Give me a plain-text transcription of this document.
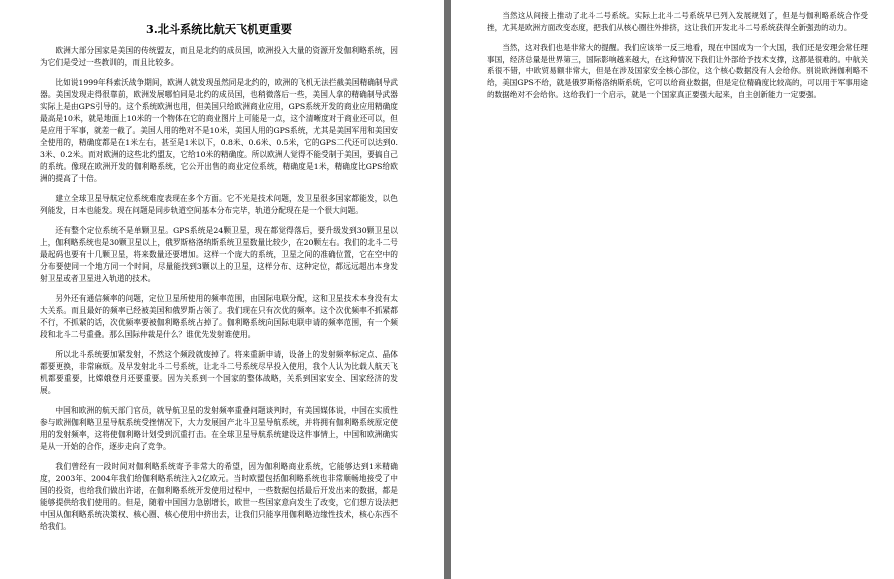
3.北斗系统比航天飞机更重要

欧洲大部分国家是美国的传统盟友，而且是北约的成员国，欧洲投入大量的资源开发伽利略系统，因为它们是受过一些教训的，而且比较多。

比如说1999年科索沃战争期间，欧洲人就发现虽然同是北约的，欧洲的飞机无法拦截美国精确制导武器。美国发现走得很靠前，欧洲发展哪怕同是北约的成员国，也稍微落后一些，美国人拿的精确制导武器实际上是由GPS引导的。这个系统欧洲也用，但美国只给欧洲商业应用，GPS系统开发的商业应用精确度最高是10米，就是地面上10米的一个物体在它的商业图片上可能是一点，这个清晰度对于商业还可以，但是应用于军事，就差一截了。美国人用的绝对不是10米，美国人用的GPS系统，尤其是美国军用和美国安全使用的，精确度都是在1米左右，甚至是1米以下，0.8米、0.6米、0.5米，它的GPS二代还可以达到0.3米、0.2米。而对欧洲的这些北约盟友，它给10米的精确度。所以欧洲人觉得不能受制于美国，要搞自己的系统。像现在欧洲开发的伽利略系统，它公开出售的商业定位系统，精确度是1米，精确度比GPS给欧洲的提高了十倍。

建立全球卫星导航定位系统难度表现在多个方面。它不光是技术问题，发卫星很多国家都能发，以色列能发，日本也能发。现在问题是同步轨道空间基本分布完毕，轨道分配现在是一个很大问题。

还有整个定位系统不是单颗卫星。GPS系统是24颗卫星，现在都觉得落后，要升级发到30颗卫星以上，伽利略系统也是30颗卫星以上，俄罗斯格洛纳斯系统卫星数量比较少，在20颗左右。我们的北斗二号最起码也要有十几颗卫星，将来数量还要增加。这样一个庞大的系统，卫星之间的准确位置，它在空中的分布要使同一个地方同一个时间，尽量能找到3颗以上的卫星，这样分布、这种定位，都远远超出本身发射卫星或者卫星进入轨道的技术。

另外还有通信频率的问题，定位卫星所使用的频率范围，由国际电联分配，这和卫星技术本身没有太大关系。而且最好的频率已经被美国和俄罗斯占领了。我们现在只有次优的频率。这个次优频率不抓紧都不行，不抓紧的话，次优频率要被伽利略系统占掉了。伽利略系统向国际电联申请的频率范围，有一个频段和北斗二号重叠。那么国际仲裁是什么？谁优先发射谁使用。

所以北斗系统要加紧发射，不然这个频段就废掉了。将来重新申请，设备上的发射频率标定点、晶体都要更换，非常麻烦。及早发射北斗二号系统，让北斗二号系统尽早投入使用，我个人认为比载人航天飞机都要重要，比嫦娥登月还要重要。因为关系到一个国家的整体战略，关系到国家安全、国家经济的发展。

中国和欧洲的航天部门官员，就导航卫星的发射频率重叠问题谈判时，有美国媒体说，中国在实质性参与欧洲伽利略卫星导航系统受挫情况下，大力发展国产北斗卫星导航系统，并将拥有伽利略系统原定使用的发射频率，这将使伽利略计划受到沉重打击。在全球卫星导航系统建设这件事情上，中国和欧洲确实是从一开始的合作，逐步走向了竞争。

我们曾经有一段时间对伽利略系统寄予非常大的希望，因为伽利略商业系统，它能够达到1米精确度，2003年、2004年我们给伽利略系统注入2亿欧元。当时欧盟包括伽利略系统也非常顺畅地接受了中国的投资，也给我们做出许诺，在伽利略系统开发使用过程中，一些数据包括最后开发出来的数据，都是能够提供给我们使用的。但是，随着中国国力急剧增长，欧世一些国家意向发生了改变，它们想方设法把中国从伽利略系统决策权、核心圈、核心使用中挤出去，让我们只能享用伽利略边缘性技术，核心东西不给我们。

当然这从间接上推动了北斗二号系统。实际上北斗二号系统早已列入发展规划了，但是与伽利略系统合作受挫，尤其是欧洲方面改变态度，把我们从核心圈往外排挤，这让我们开发北斗二号系统获得全新强劲的动力。

当然，这对我们也是非常大的提醒。我们应该举一反三地看，现在中国成为一个大国，我们还是安理会常任理事国，经济总量是世界第三，国际影响越来越大，在这种情况下我们让外部给予技术支撑，这都是很难的。中航关系很不错，中欧贸易额非常大，但是在涉及国家安全核心部位，这个核心数据没有人会给你。别说欧洲伽利略不给，美国GPS不给，就是俄罗斯格洛纳斯系统，它可以给商业数据，但是定位精确度比较高的，可以用于军事用途的数据绝对不会给你。这给我们一个启示，就是一个国家真正要强大起来，自主创新能力一定要强。
